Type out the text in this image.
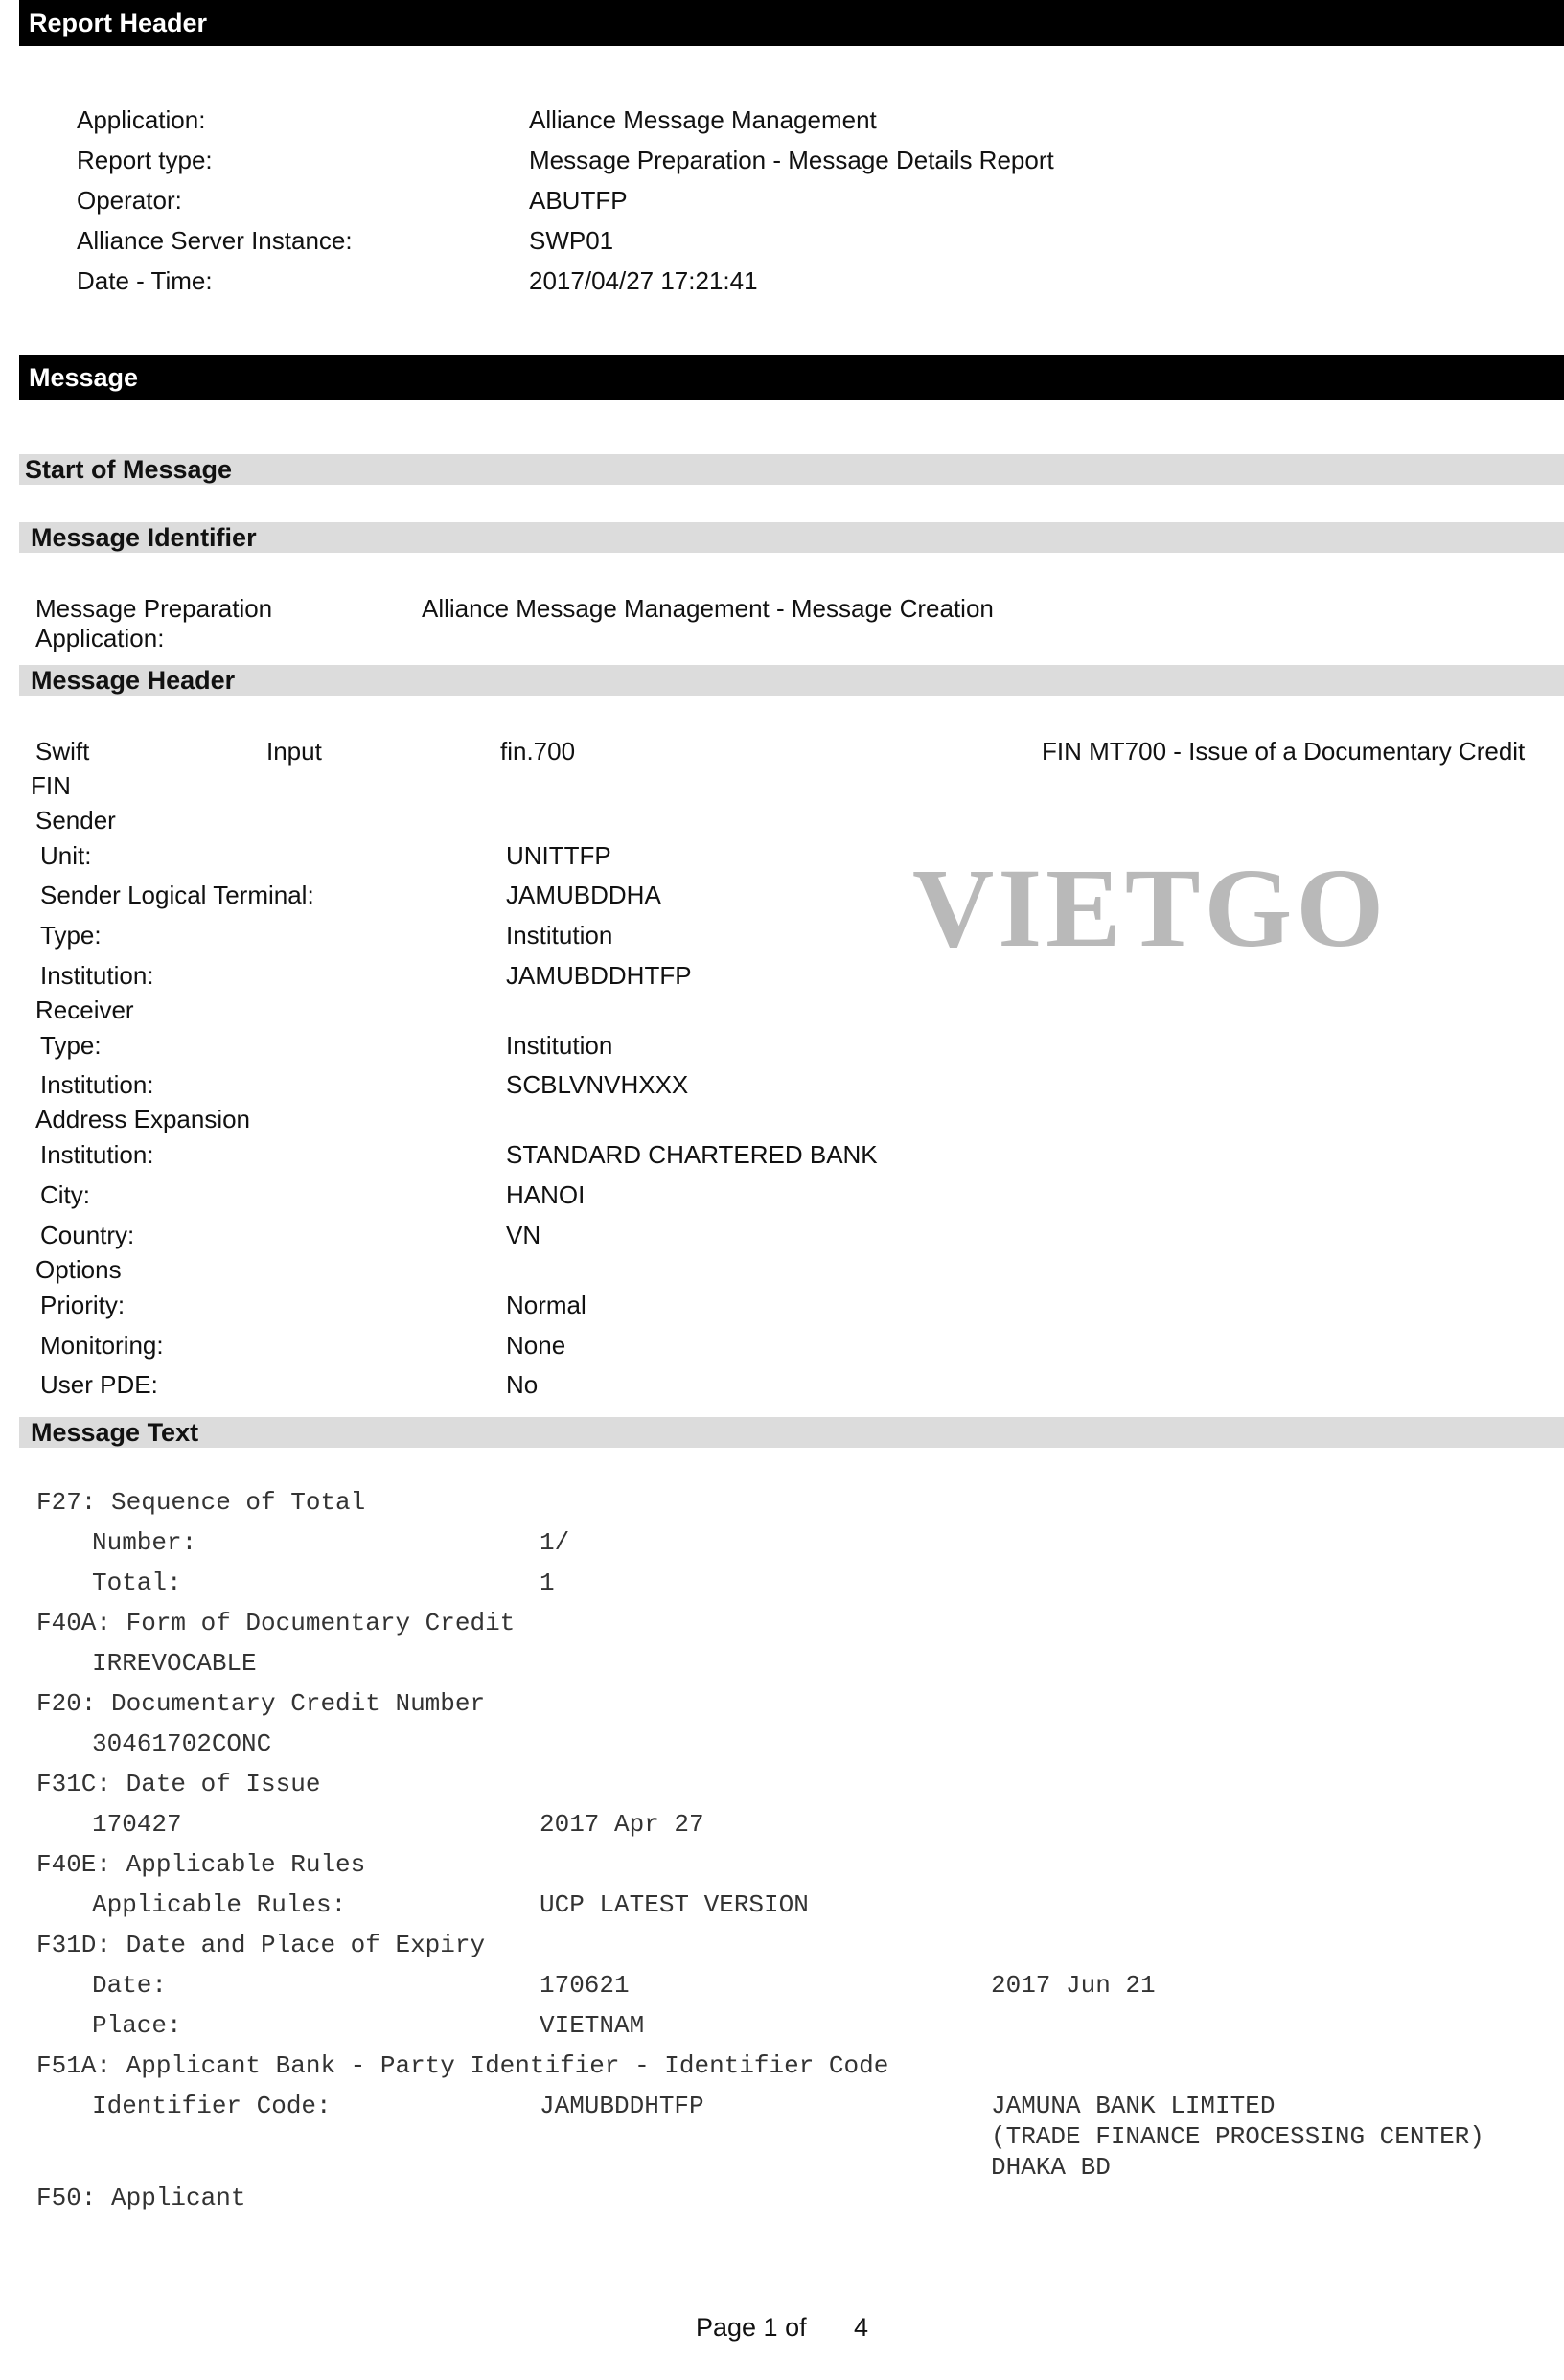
Report Header
Application:	Alliance Message Management
Report type:	Message Preparation - Message Details Report
Operator:	ABUTFP
Alliance Server Instance:	SWP01
Date - Time:	2017/04/27 17:21:41
Message
Start of Message
Message Identifier
Message Preparation
Application:
Alliance Message Management - Message Creation
Message Header
Swift
FIN
Input	fin.700	FIN MT700 - Issue of a Documentary Credit
Sender
Unit:	UNITTFP
Sender Logical Terminal:	JAMUBDDHA
Type:	Institution
Institution:	JAMUBDDHTFP
Receiver
Type:	Institution
Institution:	SCBLVNVHXXX
Address Expansion
Institution:	STANDARD CHARTERED BANK
City:	HANOI
Country:	VN
Options
Priority:	Normal
Monitoring:	None
User PDE:	No
Message Text
F27: Sequence of Total
Number:	1/
Total:	1
F40A: Form of Documentary Credit
IRREVOCABLE
F20: Documentary Credit Number
30461702CONC
F31C: Date of Issue
170427	2017 Apr 27
F40E: Applicable Rules
Applicable Rules:	UCP LATEST VERSION
F31D: Date and Place of Expiry
Date:	170621	2017 Jun 21
Place:	VIETNAM
F51A: Applicant Bank - Party Identifier - Identifier Code
Identifier Code:	JAMUBDDHTFP	JAMUNA BANK LIMITED
(TRADE FINANCE PROCESSING CENTER)
DHAKA BD
F50: Applicant
VIETGO
Page 1 of 4
